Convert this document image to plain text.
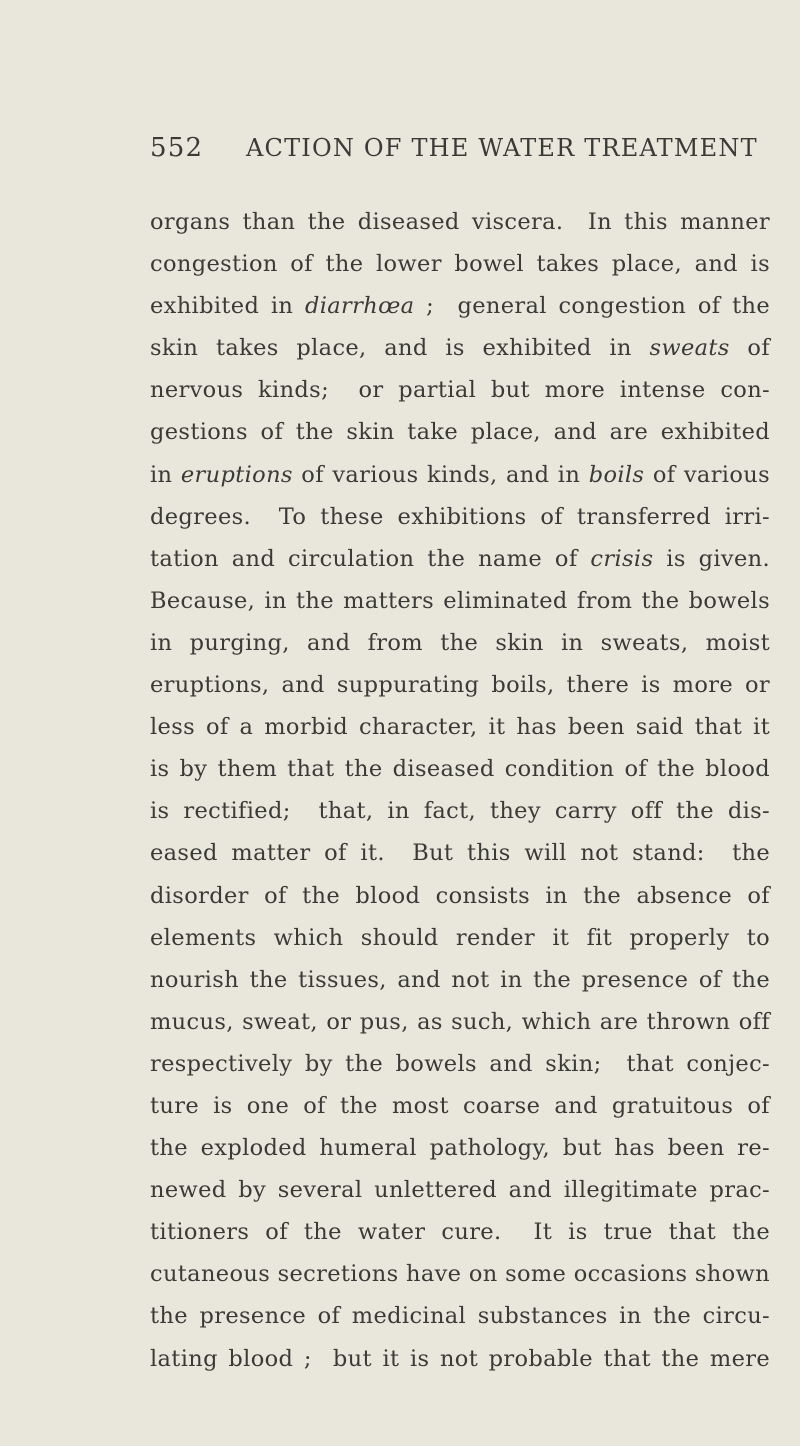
552 ACTION OF THE WATER TREATMENT
organs than the diseased viscera.  In this manner
congestion of the lower bowel takes place, and is
exhibited in diarrhœa ;  general congestion of the
skin takes place, and is exhibited in sweats of
nervous kinds;  or partial but more intense con-
gestions of the skin take place, and are exhibited
in eruptions of various kinds, and in boils of various
degrees.  To these exhibitions of transferred irri-
tation and circulation the name of crisis is given.
Because, in the matters eliminated from the bowels
in purging, and from the skin in sweats, moist
eruptions, and suppurating boils, there is more or
less of a morbid character, it has been said that it
is by them that the diseased condition of the blood
is rectified;  that, in fact, they carry off the dis-
eased matter of it.  But this will not stand:  the
disorder of the blood consists in the absence of
elements which should render it fit properly to
nourish the tissues, and not in the presence of the
mucus, sweat, or pus, as such, which are thrown off
respectively by the bowels and skin;  that conjec-
ture is one of the most coarse and gratuitous of
the exploded humeral pathology, but has been re-
newed by several unlettered and illegitimate prac-
titioners of the water cure.  It is true that the
cutaneous secretions have on some occasions shown
the presence of medicinal substances in the circu-
lating blood ;  but it is not probable that the mere
